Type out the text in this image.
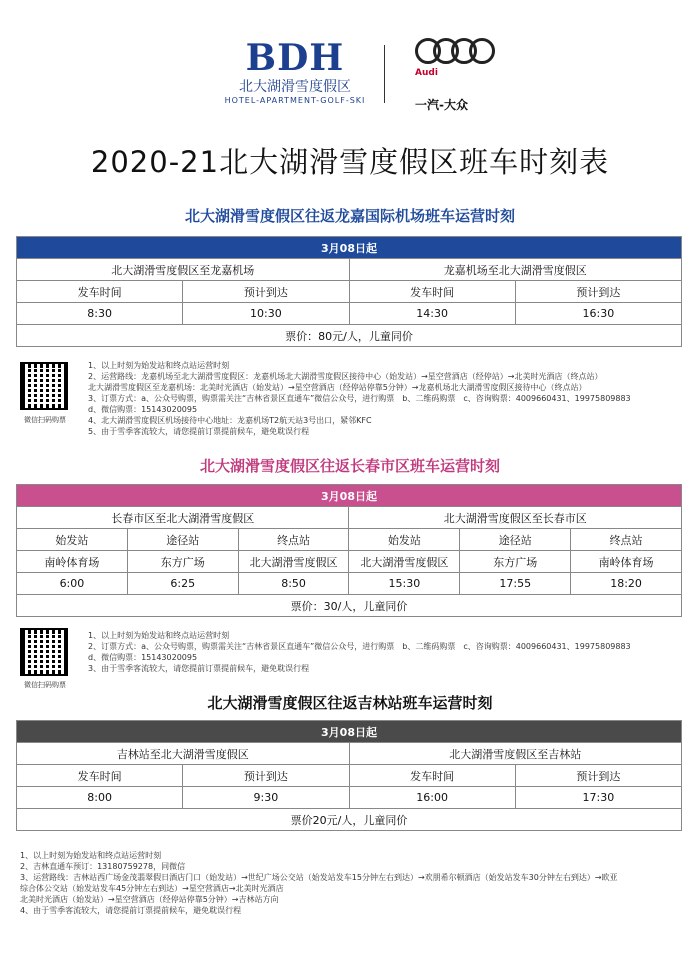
BDH
北大湖滑雪度假区
HOTEL-APARTMENT-GOLF-SKI
Audi
一汽-大众
2020-21北大湖滑雪度假区班车时刻表
北大湖滑雪度假区往返龙嘉国际机场班车运营时刻
3月08日起			
北大湖滑雪度假区至龙嘉机场		龙嘉机场至北大湖滑雪度假区	
发车时间	预计到达	发车时间	预计到达
8:30	10:30	14:30	16:30
票价：80元/人，儿童同价			
微信扫码购票
1、以上时刻为始发站和终点站运营时刻
2、运营路线：龙嘉机场至北大湖滑雪度假区：龙嘉机场北大湖滑雪度假区接待中心（始发站）→星空营酒店（经停站）→北美时光酒店（终点站）
北大湖滑雪度假区至龙嘉机场：北美时光酒店（始发站）→星空营酒店（经停站停靠5分钟）→龙嘉机场北大湖滑雪度假区接待中心（终点站）
3、订票方式：a、公众号购票，购票需关注“吉林省景区直通车”微信公众号，进行购票　b、二维码购票　c、咨询购票：4009660431、19975809883
d、微信购票：15143020095
4、北大湖滑雪度假区机场接待中心地址：龙嘉机场T2航天站3号出口，紧邻KFC
5、由于雪季客流较大，请您提前订票提前候车，避免耽误行程
北大湖滑雪度假区往返长春市区班车运营时刻
3月08日起					
长春市区至北大湖滑雪度假区			北大湖滑雪度假区至长春市区		
始发站	途径站	终点站	始发站	途径站	终点站
南岭体育场	东方广场	北大湖滑雪度假区	北大湖滑雪度假区	东方广场	南岭体育场
6:00	6:25	8:50	15:30	17:55	18:20
票价：30/人，儿童同价					
微信扫码购票
1、以上时刻为始发站和终点站运营时刻
2、订票方式：a、公众号购票，购票需关注“吉林省景区直通车”微信公众号，进行购票　b、二维码购票　c、咨询购票：4009660431、19975809883
d、微信购票：15143020095
3、由于雪季客流较大，请您提前订票提前候车，避免耽误行程
北大湖滑雪度假区往返吉林站班车运营时刻
3月08日起			
吉林站至北大湖滑雪度假区		北大湖滑雪度假区至吉林站	
发车时间	预计到达	发车时间	预计到达
8:00	9:30	16:00	17:30
票价20元/人，儿童同价			
1、以上时刻为始发站和终点站运营时刻
2、吉林直通车预订：13180759278，同微信
3、运营路线：吉林站西广场金茂翡翠假日酒店门口（始发站）→世纪广场公交站（始发站发车15分钟左右到达）→欢朋希尔顿酒店（始发站发车30分钟左右到达）→欧亚
综合体公交站（始发站发车45分钟左右到达）→星空营酒店→北美时光酒店
北美时光酒店（始发站）→星空营酒店（经停站停靠5分钟）→吉林站方向
4、由于雪季客流较大，请您提前订票提前候车，避免耽误行程
